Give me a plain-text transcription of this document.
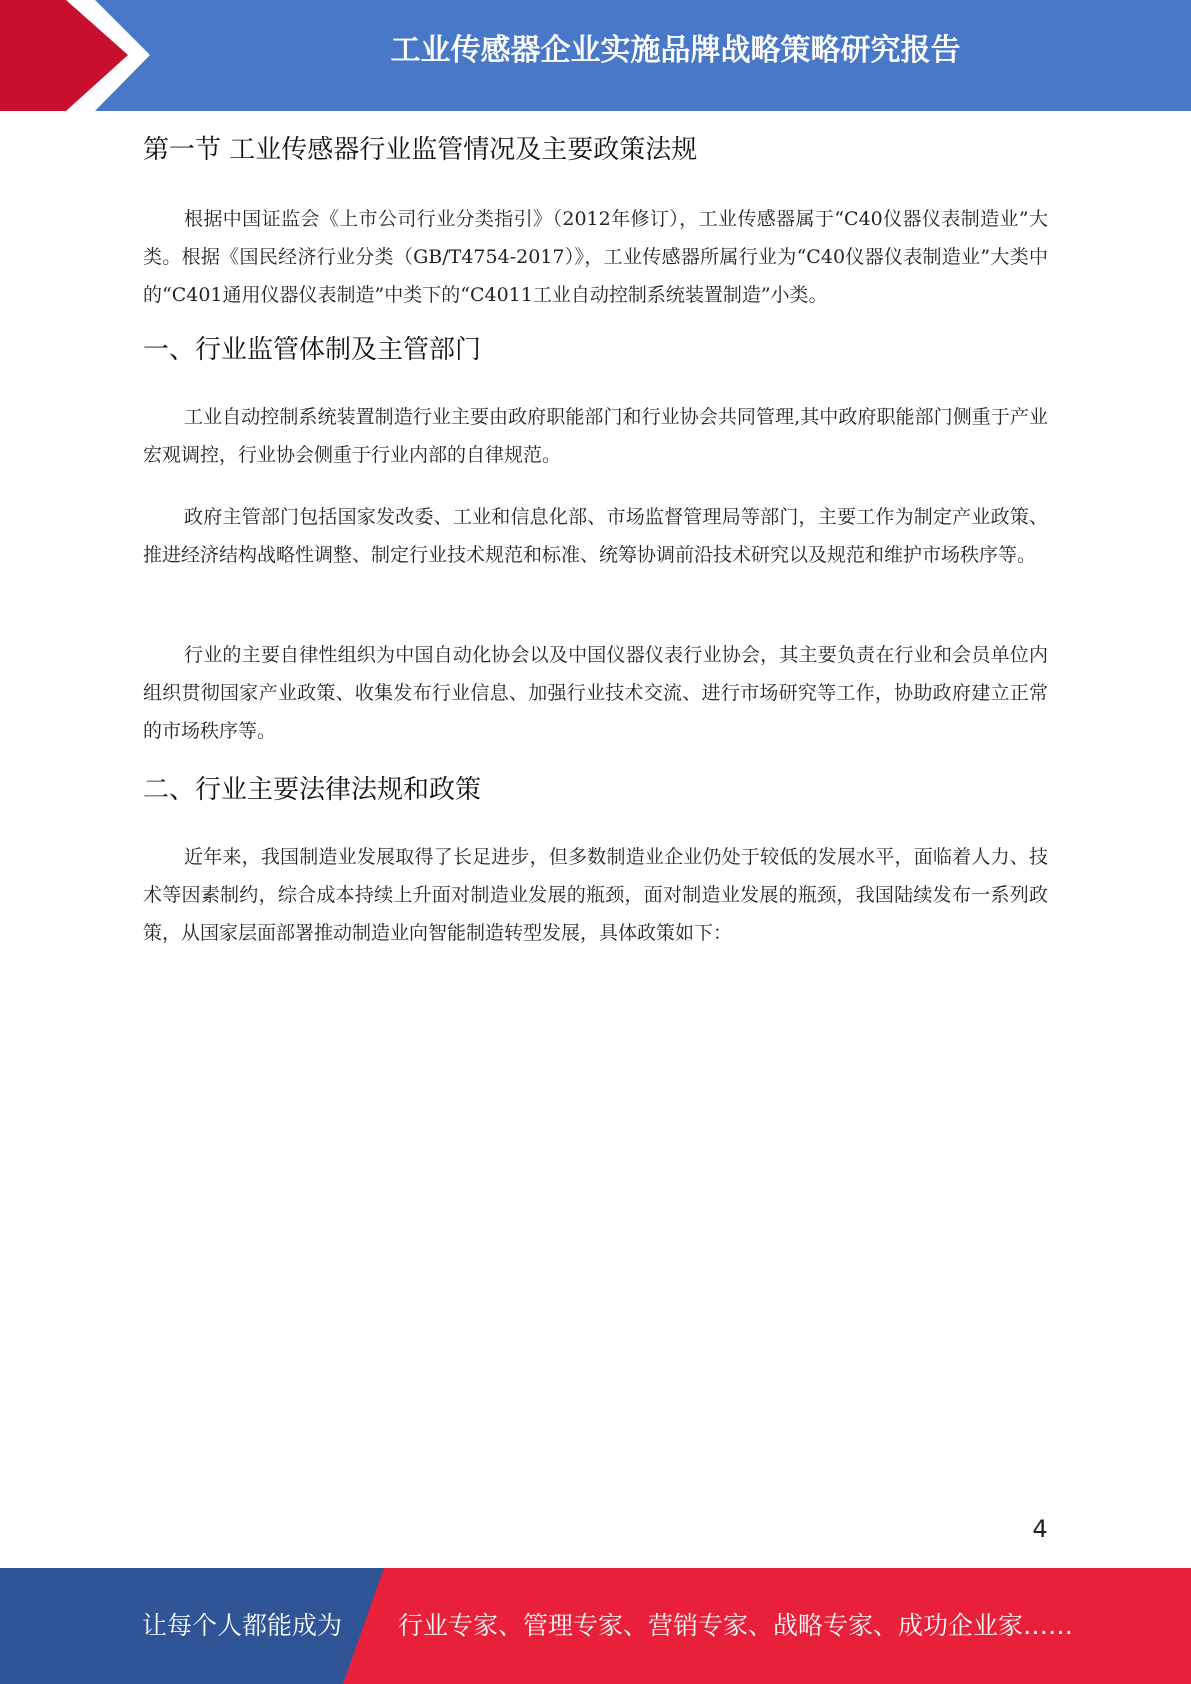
工业传感器企业实施品牌战略策略研究报告
第一节 工业传感器行业监管情况及主要政策法规

根据中国证监会《上市公司行业分类指引》（2012年修订），工业传感器属于“C40仪器仪表制造业”大类。根据《国民经济行业分类（GB/T4754-2017）》，工业传感器所属行业为“C40仪器仪表制造业”大类中的“C401通用仪器仪表制造”中类下的“C4011工业自动控制系统装置制造”小类。

一、行业监管体制及主管部门

工业自动控制系统装置制造行业主要由政府职能部门和行业协会共同管理,其中政府职能部门侧重于产业宏观调控，行业协会侧重于行业内部的自律规范。

政府主管部门包括国家发改委、工业和信息化部、市场监督管理局等部门，主要工作为制定产业政策、推进经济结构战略性调整、制定行业技术规范和标准、统筹协调前沿技术研究以及规范和维护市场秩序等。

行业的主要自律性组织为中国自动化协会以及中国仪器仪表行业协会，其主要负责在行业和会员单位内组织贯彻国家产业政策、收集发布行业信息、加强行业技术交流、进行市场研究等工作，协助政府建立正常的市场秩序等。

二、行业主要法律法规和政策

近年来，我国制造业发展取得了长足进步，但多数制造业企业仍处于较低的发展水平，面临着人力、技术等因素制约，综合成本持续上升面对制造业发展的瓶颈，面对制造业发展的瓶颈，我国陆续发布一系列政策，从国家层面部署推动制造业向智能制造转型发展，具体政策如下：

4
让每个人都能成为 行业专家、管理专家、营销专家、战略专家、成功企业家……
